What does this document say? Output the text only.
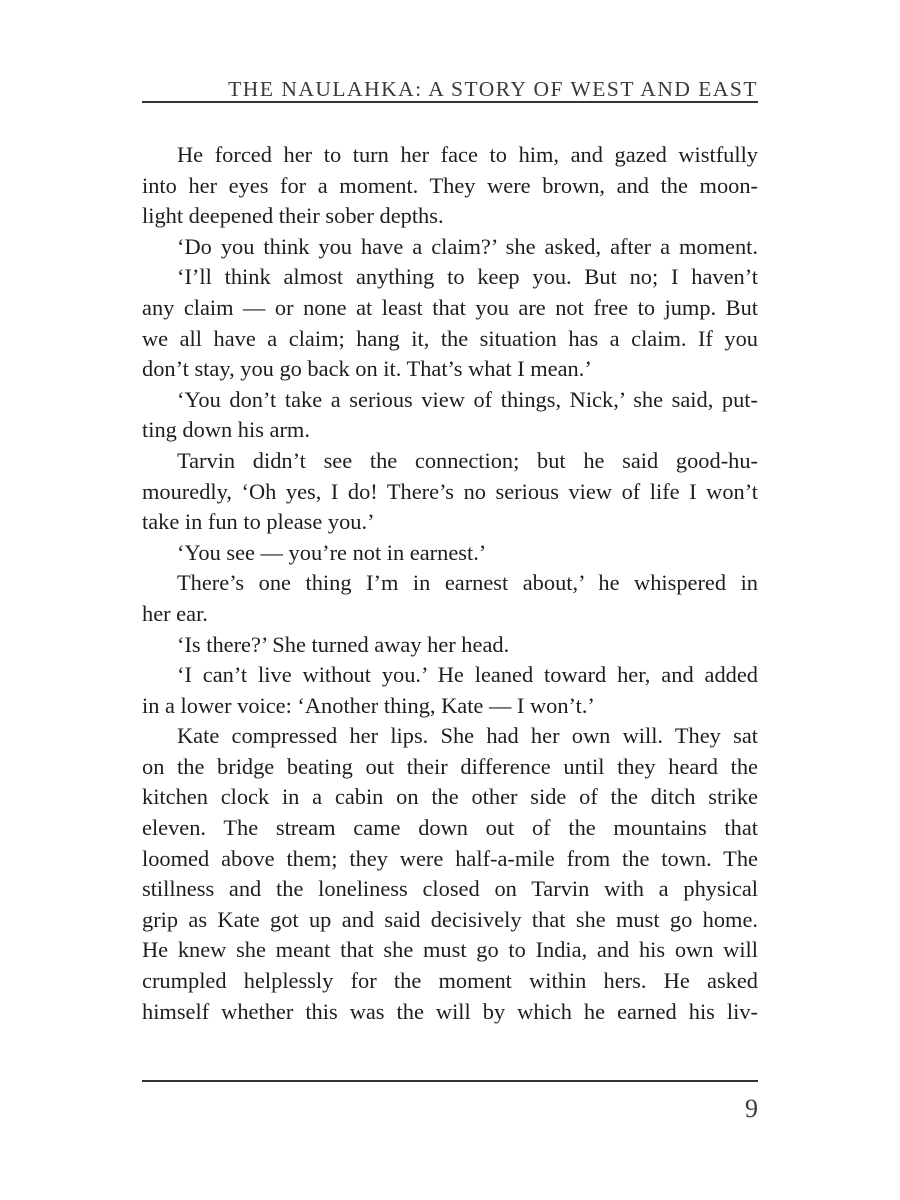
THE NAULAHKA: A STORY OF WEST AND EAST
He forced her to turn her face to him, and gazed wistfully
into her eyes for a moment. They were brown, and the moon-
light deepened their sober depths.
‘Do you think you have a claim?’ she asked, after a moment.
‘I’ll think almost anything to keep you. But no; I haven’t
any claim — or none at least that you are not free to jump. But
we all have a claim; hang it, the situation has a claim. If you
don’t stay, you go back on it. That’s what I mean.’
‘You don’t take a serious view of things, Nick,’ she said, put-
ting down his arm.
Tarvin didn’t see the connection; but he said good-hu-
mouredly, ‘Oh yes, I do! There’s no serious view of life I won’t
take in fun to please you.’
‘You see — you’re not in earnest.’
There’s one thing I’m in earnest about,’ he whispered in
her ear.
‘Is there?’ She turned away her head.
‘I can’t live without you.’ He leaned toward her, and added
in a lower voice: ‘Another thing, Kate — I won’t.’
Kate compressed her lips. She had her own will. They sat
on the bridge beating out their difference until they heard the
kitchen clock in a cabin on the other side of the ditch strike
eleven. The stream came down out of the mountains that
loomed above them; they were half-a-mile from the town. The
stillness and the loneliness closed on Tarvin with a physical
grip as Kate got up and said decisively that she must go home.
He knew she meant that she must go to India, and his own will
crumpled helplessly for the moment within hers. He asked
himself whether this was the will by which he earned his liv-
9
